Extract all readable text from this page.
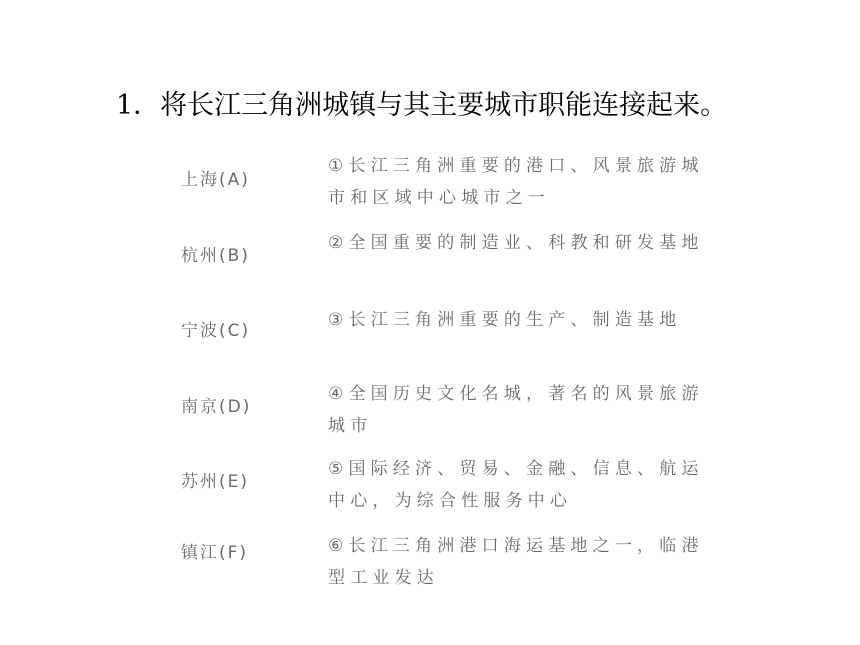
1．将长江三角洲城镇与其主要城市职能连接起来。
上海(A)
杭州(B)
宁波(C)
南京(D)
苏州(E)
镇江(F)
①长江三角洲重要的港口、风景旅游城市和区域中心城市之一
②全国重要的制造业、科教和研发基地
③长江三角洲重要的生产、制造基地
④全国历史文化名城，著名的风景旅游城市
⑤国际经济、贸易、金融、信息、航运中心，为综合性服务中心
⑥长江三角洲港口海运基地之一，临港型工业发达
